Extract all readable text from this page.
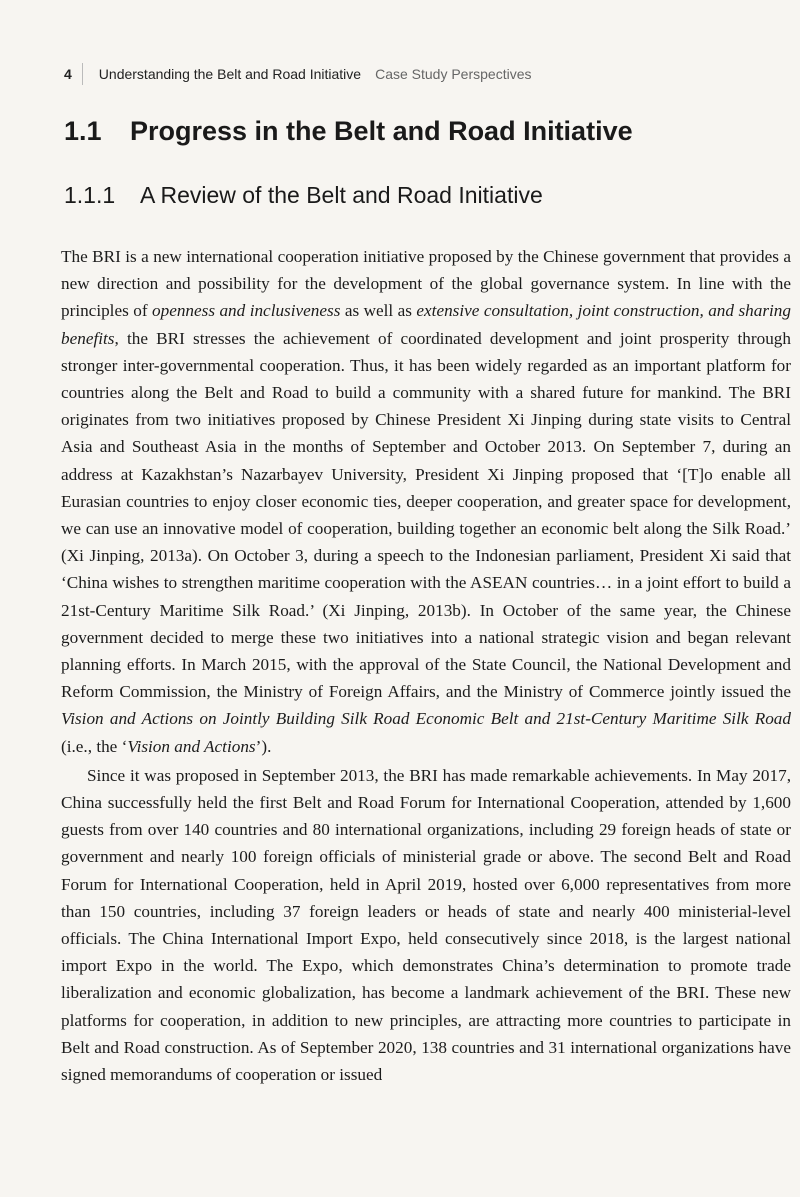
4 Understanding the Belt and Road Initiative Case Study Perspectives
1.1 Progress in the Belt and Road Initiative
1.1.1 A Review of the Belt and Road Initiative

The BRI is a new international cooperation initiative proposed by the Chinese government that provides a new direction and possibility for the development of the global governance system. In line with the principles of openness and inclusiveness as well as extensive consultation, joint construction, and sharing benefits, the BRI stresses the achievement of coordinated development and joint prosperity through stronger inter-governmental cooperation. Thus, it has been widely regarded as an important platform for countries along the Belt and Road to build a community with a shared future for mankind. The BRI originates from two initiatives proposed by Chinese President Xi Jinping during state visits to Central Asia and Southeast Asia in the months of September and October 2013. On September 7, during an address at Kazakhstan’s Nazarbayev University, President Xi Jinping proposed that ‘[T]o enable all Eurasian countries to enjoy closer economic ties, deeper cooperation, and greater space for development, we can use an innovative model of cooperation, building together an economic belt along the Silk Road.’ (Xi Jinping, 2013a). On October 3, during a speech to the Indonesian parliament, President Xi said that ‘China wishes to strengthen maritime cooperation with the ASEAN countries… in a joint effort to build a 21st-Century Maritime Silk Road.’ (Xi Jinping, 2013b). In October of the same year, the Chinese government decided to merge these two initiatives into a national strategic vision and began relevant planning efforts. In March 2015, with the approval of the State Council, the National Development and Reform Commission, the Ministry of Foreign Affairs, and the Ministry of Commerce jointly issued the Vision and Actions on Jointly Building Silk Road Economic Belt and 21st-Century Maritime Silk Road (i.e., the ‘Vision and Actions’).

Since it was proposed in September 2013, the BRI has made remarkable achievements. In May 2017, China successfully held the first Belt and Road Forum for International Cooperation, attended by 1,600 guests from over 140 countries and 80 international organizations, including 29 foreign heads of state or government and nearly 100 foreign officials of ministerial grade or above. The second Belt and Road Forum for International Cooperation, held in April 2019, hosted over 6,000 representatives from more than 150 countries, including 37 foreign leaders or heads of state and nearly 400 ministerial-level officials. The China International Import Expo, held consecutively since 2018, is the largest national import Expo in the world. The Expo, which demonstrates China’s determination to promote trade liberalization and economic globalization, has become a landmark achievement of the BRI. These new platforms for cooperation, in addition to new principles, are attracting more countries to participate in Belt and Road construction. As of September 2020, 138 countries and 31 international organizations have signed memorandums of cooperation or issued
